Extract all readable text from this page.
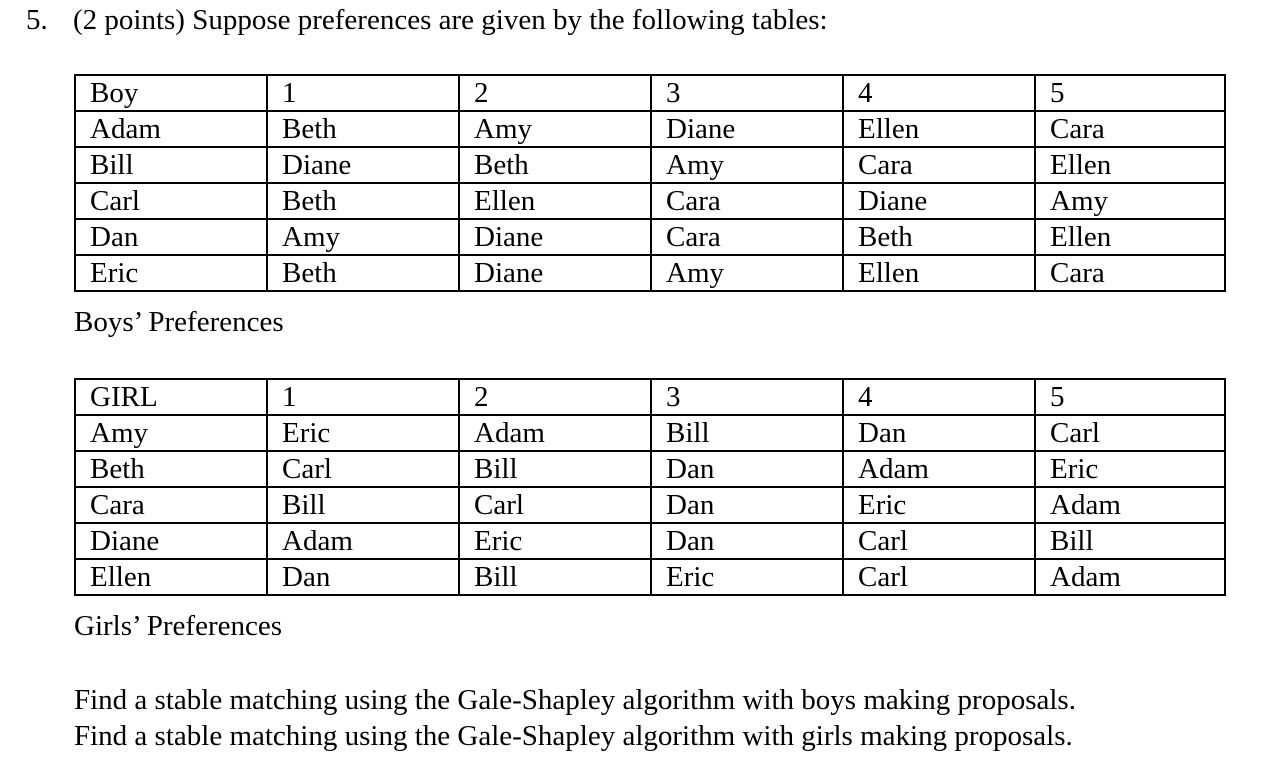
5. (2 points) Suppose preferences are given by the following tables:
Boy	1	2	3	4	5
Adam	Beth	Amy	Diane	Ellen	Cara
Bill	Diane	Beth	Amy	Cara	Ellen
Carl	Beth	Ellen	Cara	Diane	Amy
Dan	Amy	Diane	Cara	Beth	Ellen
Eric	Beth	Diane	Amy	Ellen	Cara
Boys’ Preferences
GIRL	1	2	3	4	5
Amy	Eric	Adam	Bill	Dan	Carl
Beth	Carl	Bill	Dan	Adam	Eric
Cara	Bill	Carl	Dan	Eric	Adam
Diane	Adam	Eric	Dan	Carl	Bill
Ellen	Dan	Bill	Eric	Carl	Adam
Girls’ Preferences
Find a stable matching using the Gale-Shapley algorithm with boys making proposals.
Find a stable matching using the Gale-Shapley algorithm with girls making proposals.
